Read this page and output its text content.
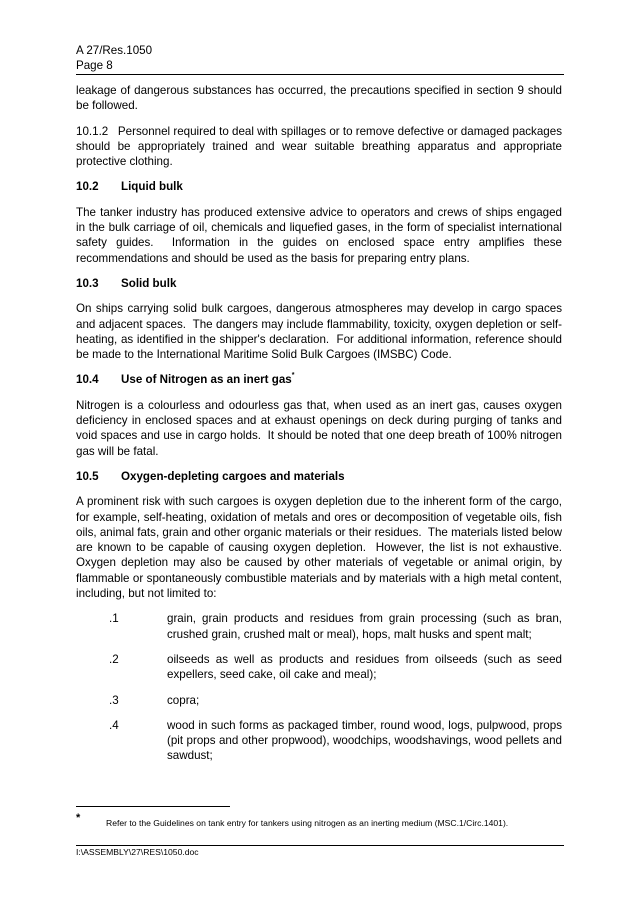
A 27/Res.1050
Page 8

leakage of dangerous substances has occurred, the precautions specified in section 9 should be followed.

10.1.2   Personnel required to deal with spillages or to remove defective or damaged packages should be appropriately trained and wear suitable breathing apparatus and appropriate protective clothing.

10.2	Liquid bulk

The tanker industry has produced extensive advice to operators and crews of ships engaged in the bulk carriage of oil, chemicals and liquefied gases, in the form of specialist international safety guides.  Information in the guides on enclosed space entry amplifies these recommendations and should be used as the basis for preparing entry plans.

10.3	Solid bulk

On ships carrying solid bulk cargoes, dangerous atmospheres may develop in cargo spaces and adjacent spaces.  The dangers may include flammability, toxicity, oxygen depletion or self-heating, as identified in the shipper's declaration.  For additional information, reference should be made to the International Maritime Solid Bulk Cargoes (IMSBC) Code.

10.4	Use of Nitrogen as an inert gas*

Nitrogen is a colourless and odourless gas that, when used as an inert gas, causes oxygen deficiency in enclosed spaces and at exhaust openings on deck during purging of tanks and void spaces and use in cargo holds.  It should be noted that one deep breath of 100% nitrogen gas will be fatal.

10.5	Oxygen-depleting cargoes and materials

A prominent risk with such cargoes is oxygen depletion due to the inherent form of the cargo, for example, self-heating, oxidation of metals and ores or decomposition of vegetable oils, fish oils, animal fats, grain and other organic materials or their residues.  The materials listed below are known to be capable of causing oxygen depletion.  However, the list is not exhaustive.  Oxygen depletion may also be caused by other materials of vegetable or animal origin, by flammable or spontaneously combustible materials and by materials with a high metal content, including, but not limited to:

.1	grain, grain products and residues from grain processing (such as bran, crushed grain, crushed malt or meal), hops, malt husks and spent malt;
.2	oilseeds as well as products and residues from oilseeds (such as seed expellers, seed cake, oil cake and meal);
.3	copra;
.4	wood in such forms as packaged timber, round wood, logs, pulpwood, props (pit props and other propwood), woodchips, woodshavings, wood pellets and sawdust;
*	Refer to the Guidelines on tank entry for tankers using nitrogen as an inerting medium (MSC.1/Circ.1401).
I:\ASSEMBLY\27\RES\1050.doc
